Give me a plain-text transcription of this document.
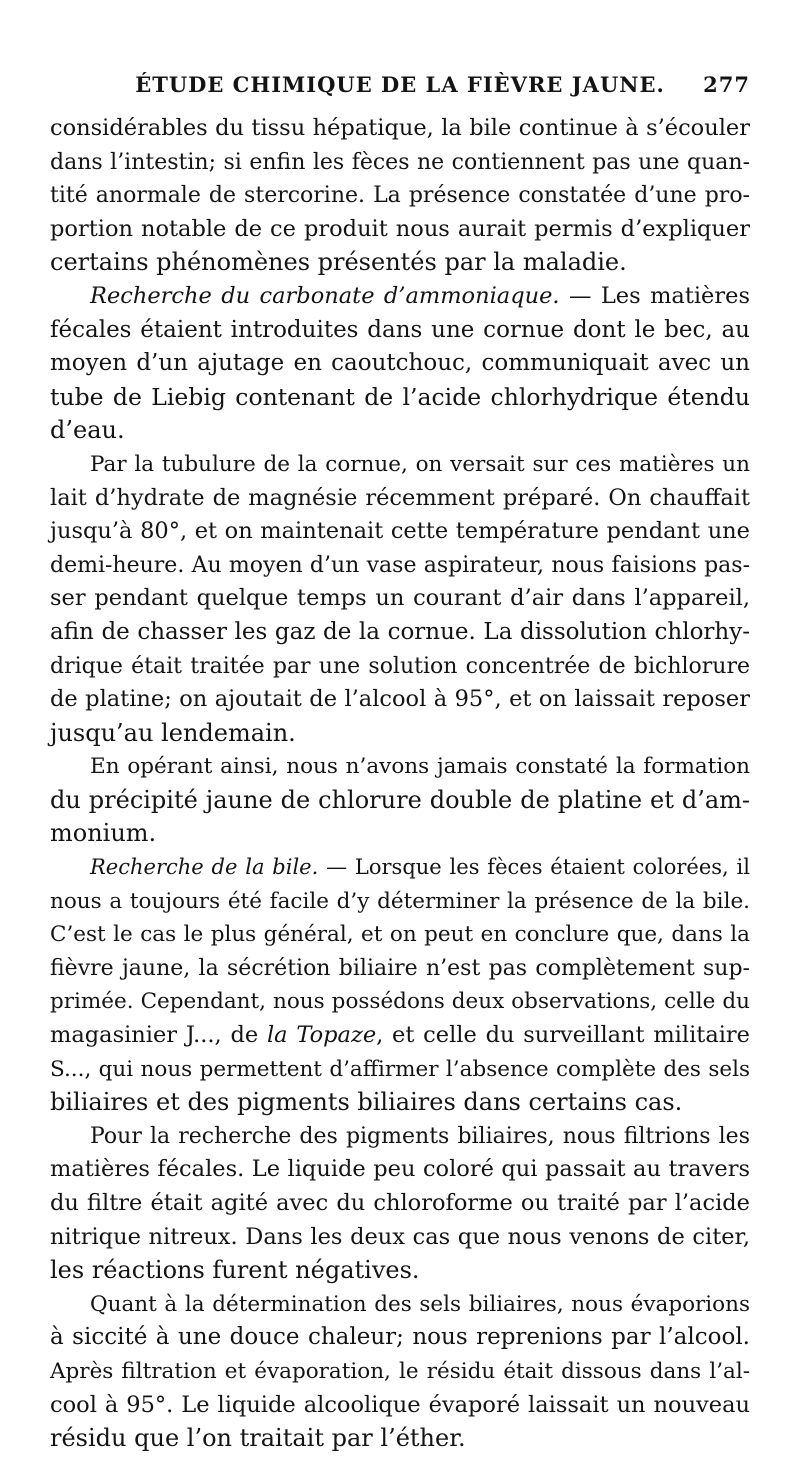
ÉTUDE CHIMIQUE DE LA FIÈVRE JAUNE.	277
considérables du tissu hépatique, la bile continue à s’écouler
dans l’intestin; si enfin les fèces ne contiennent pas une quan-
tité anormale de stercorine. La présence constatée d’une pro-
portion notable de ce produit nous aurait permis d’expliquer
certains phénomènes présentés par la maladie.
Recherche du carbonate d’ammoniaque. — Les matières
fécales étaient introduites dans une cornue dont le bec, au
moyen d’un ajutage en caoutchouc, communiquait avec un
tube de Liebig contenant de l’acide chlorhydrique étendu
d’eau.
Par la tubulure de la cornue, on versait sur ces matières un
lait d’hydrate de magnésie récemment préparé. On chauffait
jusqu’à 80°, et on maintenait cette température pendant une
demi-heure. Au moyen d’un vase aspirateur, nous faisions pas-
ser pendant quelque temps un courant d’air dans l’appareil,
afin de chasser les gaz de la cornue. La dissolution chlorhy-
drique était traitée par une solution concentrée de bichlorure
de platine; on ajoutait de l’alcool à 95°, et on laissait reposer
jusqu’au lendemain.
En opérant ainsi, nous n’avons jamais constaté la formation
du précipité jaune de chlorure double de platine et d’am-
monium.
Recherche de la bile. — Lorsque les fèces étaient colorées, il
nous a toujours été facile d’y déterminer la présence de la bile.
C’est le cas le plus général, et on peut en conclure que, dans la
fièvre jaune, la sécrétion biliaire n’est pas complètement sup-
primée. Cependant, nous possédons deux observations, celle du
magasinier J..., de la Topaze, et celle du surveillant militaire
S..., qui nous permettent d’affirmer l’absence complète des sels
biliaires et des pigments biliaires dans certains cas.
Pour la recherche des pigments biliaires, nous filtrions les
matières fécales. Le liquide peu coloré qui passait au travers
du filtre était agité avec du chloroforme ou traité par l’acide
nitrique nitreux. Dans les deux cas que nous venons de citer,
les réactions furent négatives.
Quant à la détermination des sels biliaires, nous évaporions
à siccité à une douce chaleur; nous reprenions par l’alcool.
Après filtration et évaporation, le résidu était dissous dans l’al-
cool à 95°. Le liquide alcoolique évaporé laissait un nouveau
résidu que l’on traitait par l’éther.
